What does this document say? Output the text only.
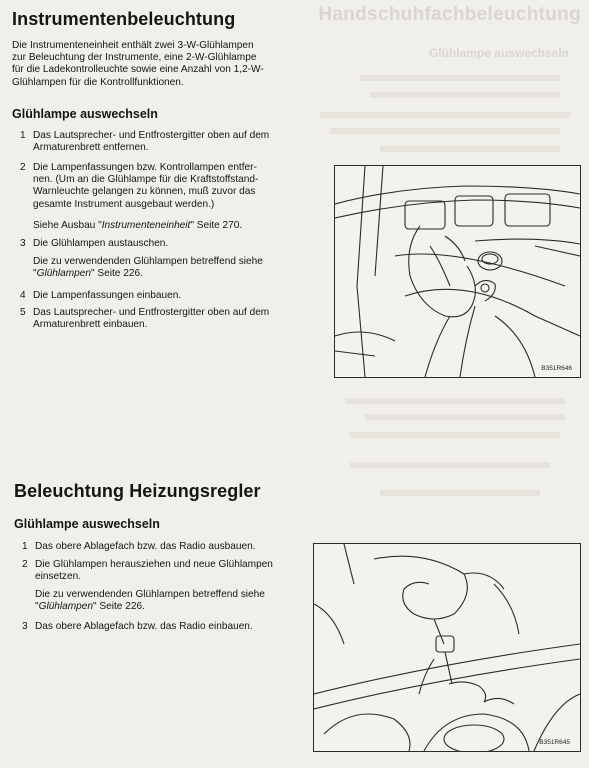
Handschuhfachbeleuchtung
Glühlampe auswechseln
Instrumentenbeleuchtung
Die Instrumenteneinheit enthält zwei 3-W-Glühlampen
zur Beleuchtung der Instrumente, eine 2-W-Glühlampe
für die Ladekontrolleuchte sowie eine Anzahl von 1,2-W-
Glühlampen für die Kontrollfunktionen.
Glühlampe auswechseln
1 Das Lautsprecher- und Entfrostergitter oben auf dem
Armaturenbrett entfernen.
2 Die Lampenfassungen bzw. Kontrollampen entfer-
nen. (Um an die Glühlampe für die Kraftstoffstand-
Warnleuchte gelangen zu können, muß zuvor das
gesamte Instrument ausgebaut werden.)
Siehe Ausbau "Instrumenteneinheit" Seite 270.
3 Die Glühlampen austauschen.
Die zu verwendenden Glühlampen betreffend siehe
"Glühlampen" Seite 226.
4 Die Lampenfassungen einbauen.
5 Das Lautsprecher- und Entfrostergitter oben auf dem
Armaturenbrett einbauen.
B351R646
Beleuchtung Heizungsregler
Glühlampe auswechseln
1 Das obere Ablagefach bzw. das Radio ausbauen.
2 Die Glühlampen herausziehen und neue Glühlampen
einsetzen.
Die zu verwendenden Glühlampen betreffend siehe
"Glühlampen" Seite 226.
3 Das obere Ablagefach bzw. das Radio einbauen.
B351R645
